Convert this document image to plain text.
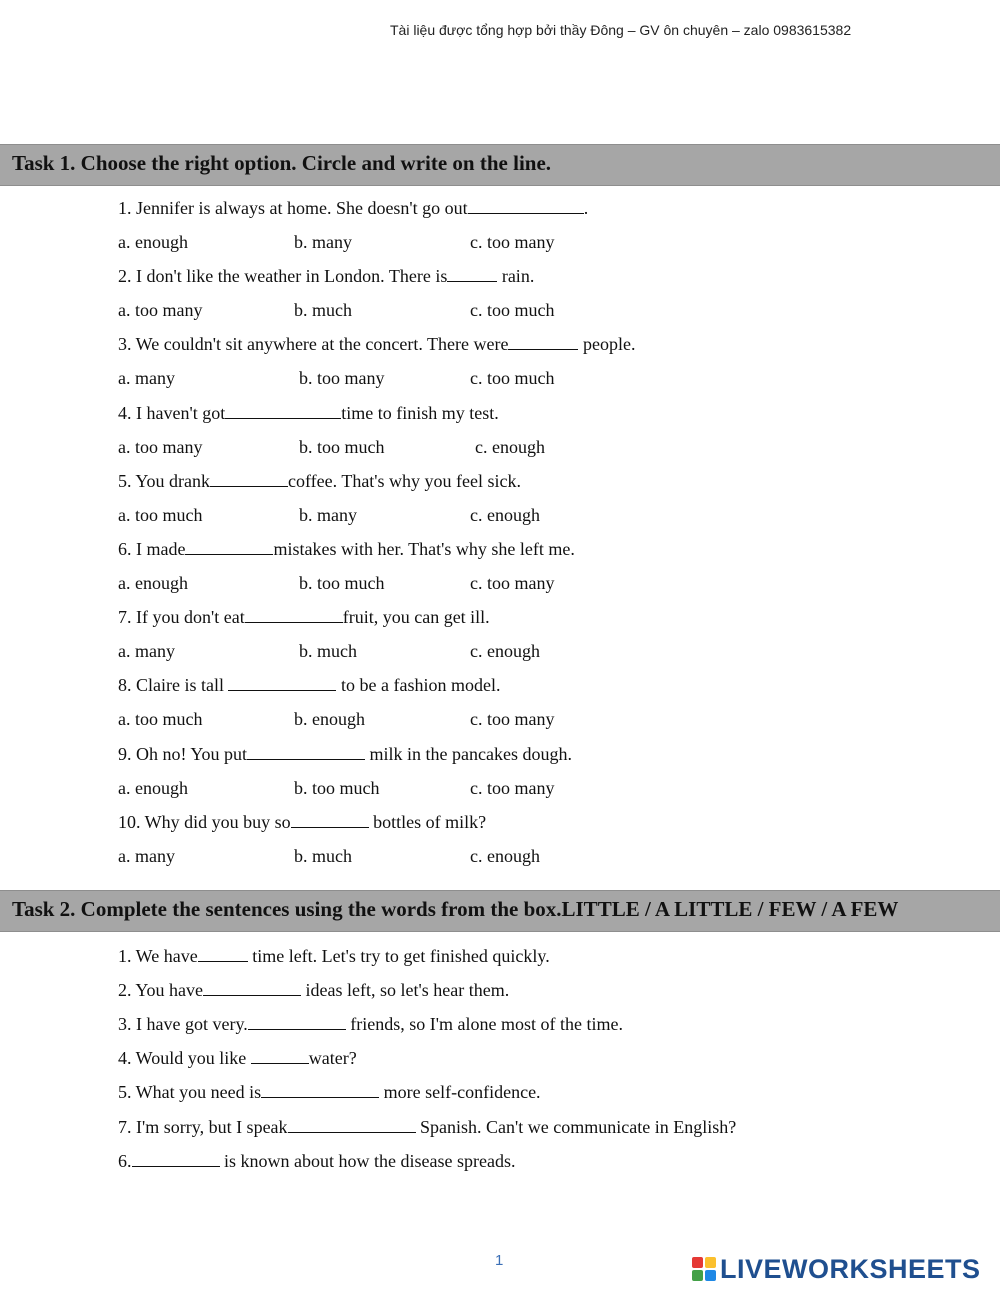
Tài liệu được tổng hợp bởi thầy Đông – GV ôn chuyên – zalo 0983615382
Task 1. Choose the right option. Circle and write on the line.
1. Jennifer is always at home. She doesn't go out	.
a. enough	b. many	c. too many
2. I don't like the weather in London. There is	rain.
a. too many	b. much	c. too much
3. We couldn't sit anywhere at the concert. There were	people.
a. many	b. too many	c. too much
4. I haven't got	time to finish my test.
a. too many	b. too much	c. enough
5. You drank	coffee. That's why you feel sick.
a. too much	b. many	c. enough
6. I made	mistakes with her. That's why she left me.
a. enough	b. too much	c. too many
7. If you don't eat	fruit, you can get ill.
a. many	b. much	c. enough
8. Claire is tall	to be a fashion model.
a. too much	b. enough	c. too many
9. Oh no! You put	milk in the pancakes dough.
a. enough	b. too much	c. too many
10. Why did you buy so	bottles of milk?
a. many	b. much	c. enough
Task 2. Complete the sentences using the words from the box.LITTLE / A LITTLE / FEW / A FEW
1. We have	time left. Let's try to get finished quickly.
2. You have	ideas left, so let's hear them.
3. I have got very.	friends, so I'm alone most of the time.
4. Would you like	water?
5. What you need is	more self-confidence.
7. I'm sorry, but I speak	Spanish. Can't we communicate in English?
6.	is known about how the disease spreads.
1	LIVEWORKSHEETS
